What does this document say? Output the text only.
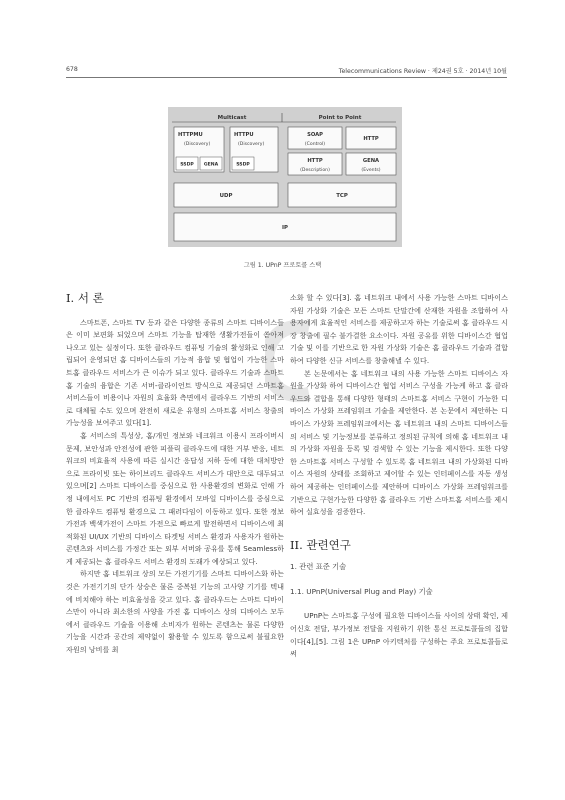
678	Telecommunications Review · 제24권 5호 · 2014년 10월
Multicast	Point to Point
HTTPMU
(Discovery)
SSDP GENA
HTTPU
(Discovery)
SSDP
SOAP
(Control)
HTTP
HTTP
(Description)
GENA
(Events)
UDP	TCP
IP
그림 1. UPnP 프로토콜 스택
I. 서 론

스마트폰, 스마트 TV 등과 같은 다양한 종류의 스마트 디바이스들은 이미 보편화 되었으며 스마트 기능을 탑재한 생활가전들이 쏟아져 나오고 있는 실정이다. 또한 클라우드 컴퓨팅 기술의 활성화로 인해 고립되어 운영되던 홈 디바이스들의 기능적 융합 및 협업이 가능한 스마트홈 클라우드 서비스가 큰 이슈가 되고 있다. 클라우드 기술과 스마트홈 기술의 융합은 기존 서버-클라이언트 방식으로 제공되던 스마트홈 서비스들이 비용이나 자원의 효율화 측면에서 클라우드 기반의 서비스로 대체될 수도 있으며 완전히 새로운 유형의 스마트홈 서비스 창출의 가능성을 보여주고 있다[1].

홈 서비스의 특성상, 홈/개인 정보와 네크워크 이용시 프라이버시 문제, 보안성과 안전성에 관한 피플릭 클라우드에 대한 거부 반응, 네트워크의 비효율적 사용에 따른 실시간 응답성 저하 등에 대한 대처방안으로 프라이빗 또는 하이브리드 클라우드 서비스가 대안으로 대두되고 있으며[2] 스마트 디바이스를 중심으로 한 사용환경의 변화로 인해 가정 내에서도 PC 기반의 컴퓨팅 환경에서 모바일 디바이스를 중심으로 한 클라우드 컴퓨팅 환경으로 그 패러다임이 이동하고 있다. 또한 정보가전과 백색가전이 스마트 가전으로 빠르게 발전하면서 디바이스에 최적화된 UI/UX 기반의 디바이스 타겟팅 서비스 환경과 사용자가 원하는 콘텐츠와 서비스를 가정간 또는 외부 서버와 공유를 통해 Seamless하게 제공되는 홈 클라우드 서비스 환경의 도래가 예상되고 있다.

하지만 홈 네트워크 상의 모든 가전기기를 스마트 디바이스화 하는 것은 가전기기의 단가 상승은 물론 중복된 기능의 고사양 기기를 텍내에 비치해야 하는 비효율성을 갖고 있다. 홈 클라우드는 스마트 디바이스만이 아니라 최소한의 사양을 가진 홈 디바이스 상의 디바이스 모두에서 클라우드 기술을 이용해 소비자가 원하는 콘텐츠는 물론 다양한 기능을 시간과 공간의 제약없이 활용할 수 있도록 함으로써 불필요한 자원의 낭비를 최

소화 할 수 있다[3]. 홈 네트워크 내에서 사용 가능한 스마트 디바이스 자원 가상화 기술은 모든 스마트 단말간에 산재한 자원을 조합하여 사용자에게 효율적인 서비스를 제공하고자 하는 기술로써 홈 클라우드 시장 창출에 필수 불가결한 요소이다. 자원 공유를 위한 디바이스간 협업 기술 및 이를 기반으로 한 자원 가상화 기술은 홈 클라우드 기술과 결합하여 다양한 신규 서비스를 창출해낼 수 있다.

본 논문에서는 홈 네트워크 내의 사용 가능한 스마트 디바이스 자원을 가상화 하여 디바이스간 협업 서비스 구성을 가능케 하고 홈 클라우드와 결합을 통해 다양한 형태의 스마트홈 서비스 구현이 가능한 디바이스 가상화 프레임워크 기술을 제안한다. 본 논문에서 제안하는 디바이스 가상화 프레임워크에서는 홈 네트워크 내의 스마트 디바이스들의 서비스 및 기능정보를 분류하고 정의된 규칙에 의해 홈 네트워크 내의 가상화 자원을 등록 및 검색할 수 있는 기능을 제시한다. 또한 다양한 스마트홈 서비스 구성할 수 있도록 홈 네트워크 내의 가상화된 디바이스 자원의 상태를 조회하고 제어할 수 있는 인터페이스를 자동 생성하여 제공하는 인터페이스를 제안하며 디바이스 가상화 프레임워크를 기반으로 구현가능한 다양한 홈 클라우드 기반 스마트홈 서비스를 제시하여 실효성을 검증한다.

II. 관련연구
1. 관련 표준 기술
1.1. UPnP(Universal Plug and Play) 기술

UPnP는 스마트홈 구성에 필요한 디바이스들 사이의 상태 확인, 제어신호 전달, 부가정보 전달을 지원하기 위한 통신 프로토콜들의 집합이다[4],[5]. 그림 1은 UPnP 아키텍처를 구성하는 주요 프로토콜들로써
